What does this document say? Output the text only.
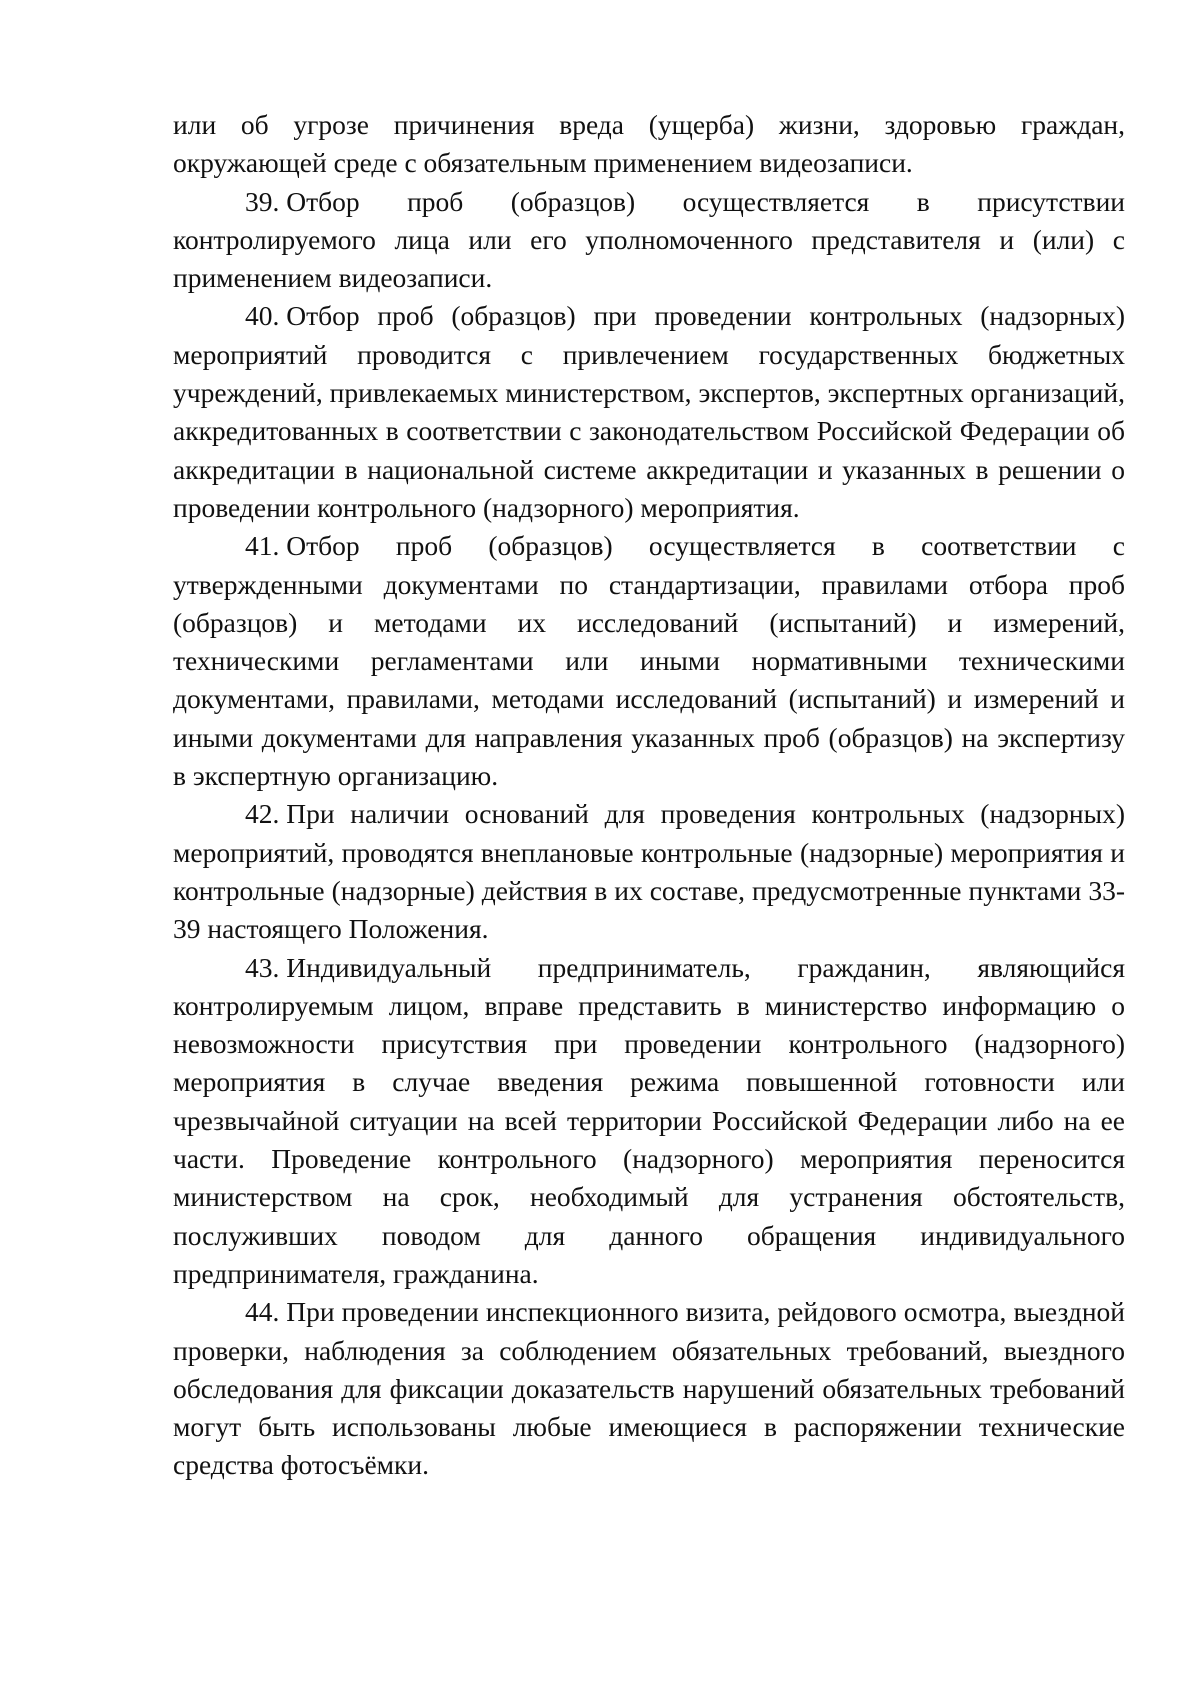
или об угрозе причинения вреда (ущерба) жизни, здоровью граждан, окружающей среде с обязательным применением видеозаписи.

39. Отбор проб (образцов) осуществляется в присутствии контролируемого лица или его уполномоченного представителя и (или) с применением видеозаписи.

40. Отбор проб (образцов) при проведении контрольных (надзорных) мероприятий проводится с привлечением государственных бюджетных учреждений, привлекаемых министерством, экспертов, экспертных организаций, аккредитованных в соответствии с законодательством Российской Федерации об аккредитации в национальной системе аккредитации и указанных в решении о проведении контрольного (надзорного) мероприятия.

41. Отбор проб (образцов) осуществляется в соответствии с утвержденными документами по стандартизации, правилами отбора проб (образцов) и методами их исследований (испытаний) и измерений, техническими регламентами или иными нормативными техническими документами, правилами, методами исследований (испытаний) и измерений и иными документами для направления указанных проб (образцов) на экспертизу в экспертную организацию.

42. При наличии оснований для проведения контрольных (надзорных) мероприятий, проводятся внеплановые контрольные (надзорные) мероприятия и контрольные (надзорные) действия в их составе, предусмотренные пунктами 33-39 настоящего Положения.

43. Индивидуальный предприниматель, гражданин, являющийся контролируемым лицом, вправе представить в министерство информацию о невозможности присутствия при проведении контрольного (надзорного) мероприятия в случае введения режима повышенной готовности или чрезвычайной ситуации на всей территории Российской Федерации либо на ее части. Проведение контрольного (надзорного) мероприятия переносится министерством на срок, необходимый для устранения обстоятельств, послуживших поводом для данного обращения индивидуального предпринимателя, гражданина.

44. При проведении инспекционного визита, рейдового осмотра, выездной проверки, наблюдения за соблюдением обязательных требований, выездного обследования для фиксации доказательств нарушений обязательных требований могут быть использованы любые имеющиеся в распоряжении технические средства фотосъёмки.
